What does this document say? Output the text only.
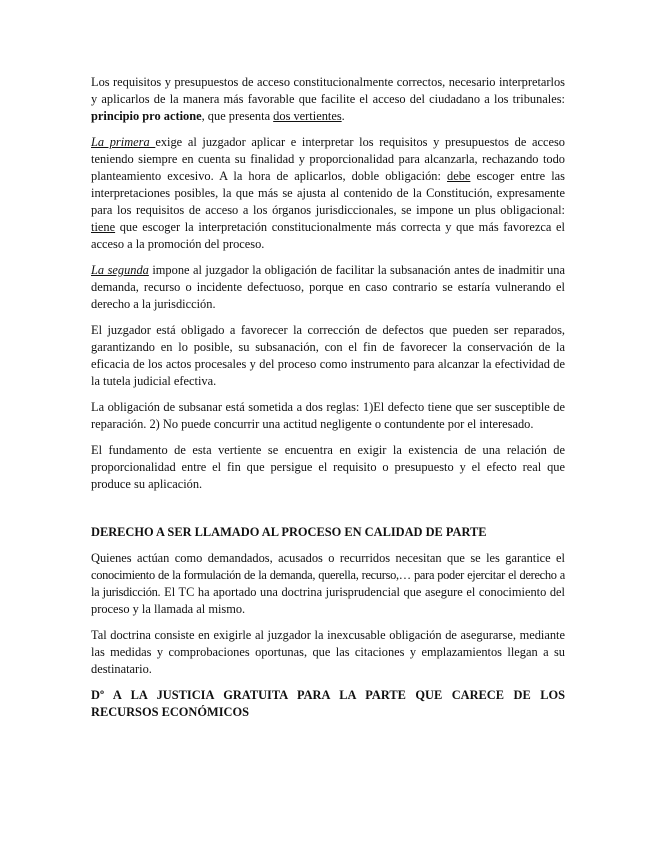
Los requisitos y presupuestos de acceso constitucionalmente correctos, necesario interpretarlos y aplicarlos de la manera más favorable que facilite el acceso del ciudadano a los tribunales: principio pro actione, que presenta dos vertientes.

La primera exige al juzgador aplicar e interpretar los requisitos y presupuestos de acceso teniendo siempre en cuenta su finalidad y proporcionalidad para alcanzarla, rechazando todo planteamiento excesivo. A la hora de aplicarlos, doble obligación: debe escoger entre las interpretaciones posibles, la que más se ajusta al contenido de la Constitución, expresamente para los requisitos de acceso a los órganos jurisdiccionales, se impone un plus obligacional: tiene que escoger la interpretación constitucionalmente más correcta y que más favorezca el acceso a la promoción del proceso.

La segunda impone al juzgador la obligación de facilitar la subsanación antes de inadmitir una demanda, recurso o incidente defectuoso, porque en caso contrario se estaría vulnerando el derecho a la jurisdicción.

El juzgador está obligado a favorecer la corrección de defectos que pueden ser reparados, garantizando en lo posible, su subsanación, con el fin de favorecer la conservación de la eficacia de los actos procesales y del proceso como instrumento para alcanzar la efectividad de la tutela judicial efectiva.

La obligación de subsanar está sometida a dos reglas: 1)El defecto tiene que ser susceptible de reparación. 2) No puede concurrir una actitud negligente o contundente por el interesado.

El fundamento de esta vertiente se encuentra en exigir la existencia de una relación de proporcionalidad entre el fin que persigue el requisito o presupuesto y el efecto real que produce su aplicación.

DERECHO A SER LLAMADO AL PROCESO EN CALIDAD DE PARTE

Quienes actúan como demandados, acusados o recurridos necesitan que se les garantice el conocimiento de la formulación de la demanda, querella, recurso,… para poder ejercitar el derecho a la jurisdicción. El TC ha aportado una doctrina jurisprudencial que asegure el conocimiento del proceso y la llamada al mismo.

Tal doctrina consiste en exigirle al juzgador la inexcusable obligación de asegurarse, mediante las medidas y comprobaciones oportunas, que las citaciones y emplazamientos llegan a su destinatario.

Dº A LA JUSTICIA GRATUITA PARA LA PARTE QUE CARECE DE LOS RECURSOS ECONÓMICOS
